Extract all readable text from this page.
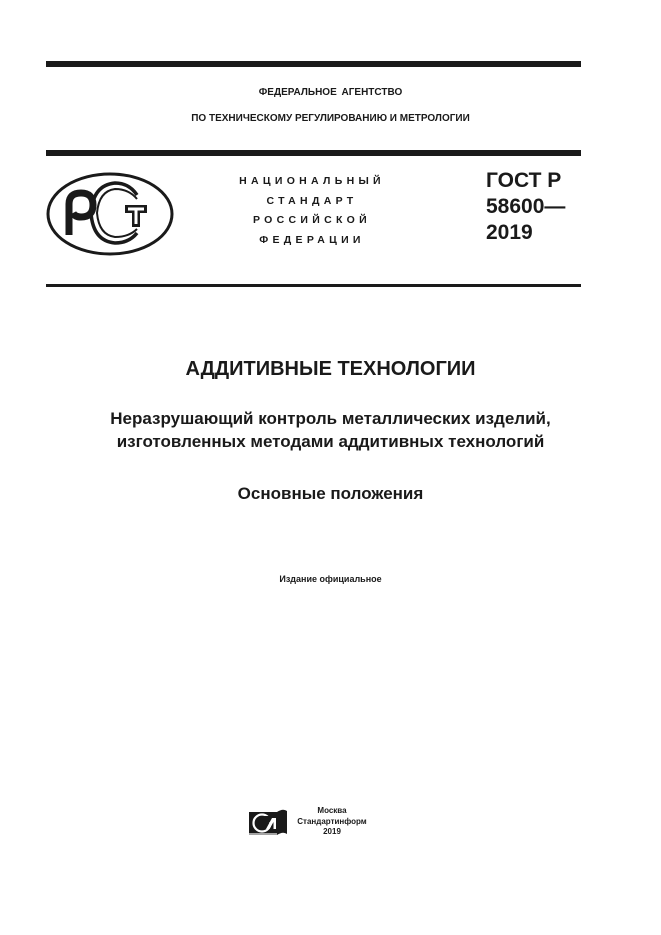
ФЕДЕРАЛЬНОЕ АГЕНТСТВО
ПО ТЕХНИЧЕСКОМУ РЕГУЛИРОВАНИЮ И МЕТРОЛОГИИ
НАЦИОНАЛЬНЫЙ
СТАНДАРТ
РОССИЙСКОЙ
ФЕДЕРАЦИИ
ГОСТ Р
58600—
2019
АДДИТИВНЫЕ ТЕХНОЛОГИИ
Неразрушающий контроль металлических изделий,
изготовленных методами аддитивных технологий
Основные положения
Издание официальное
Москва
Стандартинформ
2019
